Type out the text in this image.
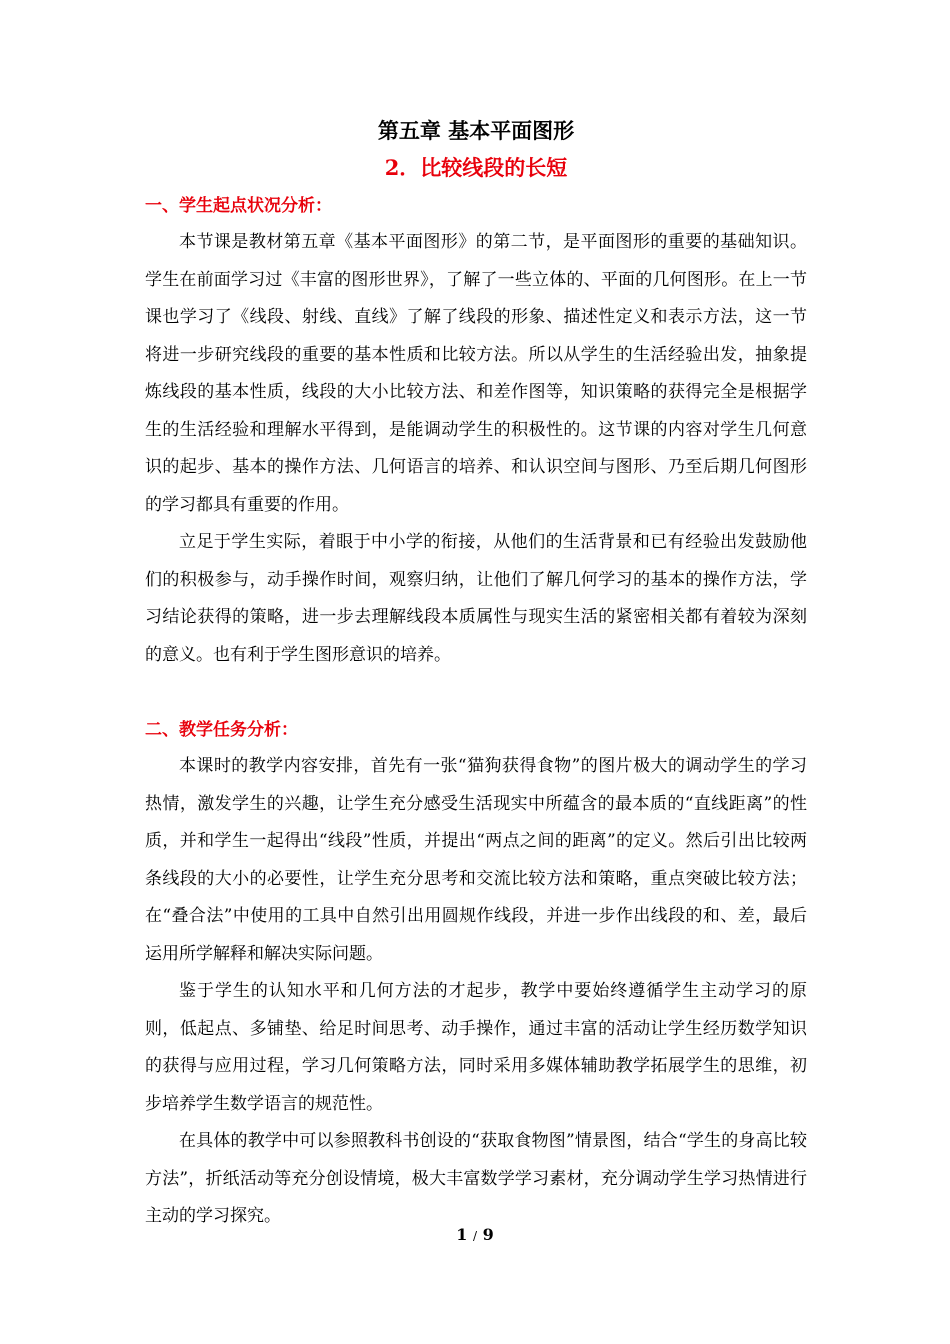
第五章 基本平面图形
2．比较线段的长短
一、学生起点状况分析：

本节课是教材第五章《基本平面图形》的第二节，是平面图形的重要的基础知识。学生在前面学习过《丰富的图形世界》，了解了一些立体的、平面的几何图形。在上一节课也学习了《线段、射线、直线》了解了线段的形象、描述性定义和表示方法，这一节将进一步研究线段的重要的基本性质和比较方法。所以从学生的生活经验出发，抽象提炼线段的基本性质，线段的大小比较方法、和差作图等，知识策略的获得完全是根据学生的生活经验和理解水平得到，是能调动学生的积极性的。这节课的内容对学生几何意识的起步、基本的操作方法、几何语言的培养、和认识空间与图形、乃至后期几何图形的学习都具有重要的作用。

立足于学生实际，着眼于中小学的衔接，从他们的生活背景和已有经验出发鼓励他们的积极参与，动手操作时间，观察归纳，让他们了解几何学习的基本的操作方法，学习结论获得的策略，进一步去理解线段本质属性与现实生活的紧密相关都有着较为深刻的意义。也有利于学生图形意识的培养。

二、教学任务分析：

本课时的教学内容安排，首先有一张“猫狗获得食物”的图片极大的调动学生的学习热情，激发学生的兴趣，让学生充分感受生活现实中所蕴含的最本质的“直线距离”的性质，并和学生一起得出“线段”性质，并提出“两点之间的距离”的定义。然后引出比较两条线段的大小的必要性，让学生充分思考和交流比较方法和策略，重点突破比较方法；在“叠合法”中使用的工具中自然引出用圆规作线段，并进一步作出线段的和、差，最后运用所学解释和解决实际问题。

鉴于学生的认知水平和几何方法的才起步，教学中要始终遵循学生主动学习的原则，低起点、多铺垫、给足时间思考、动手操作，通过丰富的活动让学生经历数学知识的获得与应用过程，学习几何策略方法，同时采用多媒体辅助教学拓展学生的思维，初步培养学生数学语言的规范性。

在具体的教学中可以参照教科书创设的“获取食物图”情景图，结合“学生的身高比较方法”，折纸活动等充分创设情境，极大丰富数学学习素材，充分调动学生学习热情进行主动的学习探究。

1 / 9
